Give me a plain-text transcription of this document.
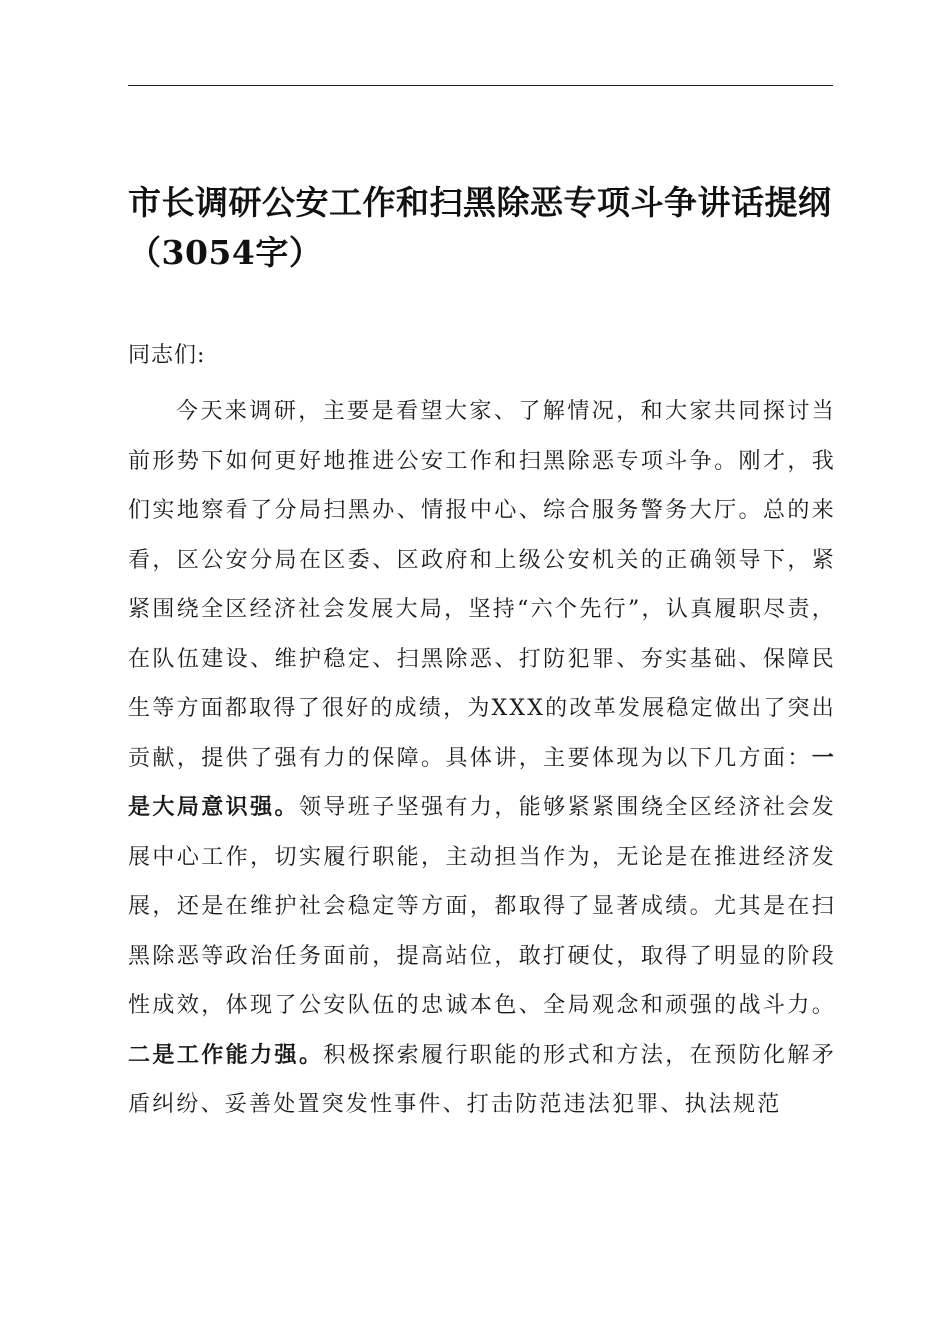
市长调研公安工作和扫黑除恶专项斗争讲话提纲（3054字）

同志们:

今天来调研，主要是看望大家、了解情况，和大家共同探讨当前形势下如何更好地推进公安工作和扫黑除恶专项斗争。刚才，我们实地察看了分局扫黑办、情报中心、综合服务警务大厅。总的来看，区公安分局在区委、区政府和上级公安机关的正确领导下，紧紧围绕全区经济社会发展大局，坚持“六个先行”，认真履职尽责，在队伍建设、维护稳定、扫黑除恶、打防犯罪、夯实基础、保障民生等方面都取得了很好的成绩，为XXX的改革发展稳定做出了突出贡献，提供了强有力的保障。具体讲，主要体现为以下几方面：一是大局意识强。领导班子坚强有力，能够紧紧围绕全区经济社会发展中心工作，切实履行职能，主动担当作为，无论是在推进经济发展，还是在维护社会稳定等方面，都取得了显著成绩。尤其是在扫黑除恶等政治任务面前，提高站位，敢打硬仗，取得了明显的阶段性成效，体现了公安队伍的忠诚本色、全局观念和顽强的战斗力。二是工作能力强。积极探索履行职能的形式和方法，在预防化解矛盾纠纷、妥善处置突发性事件、打击防范违法犯罪、执法规范
